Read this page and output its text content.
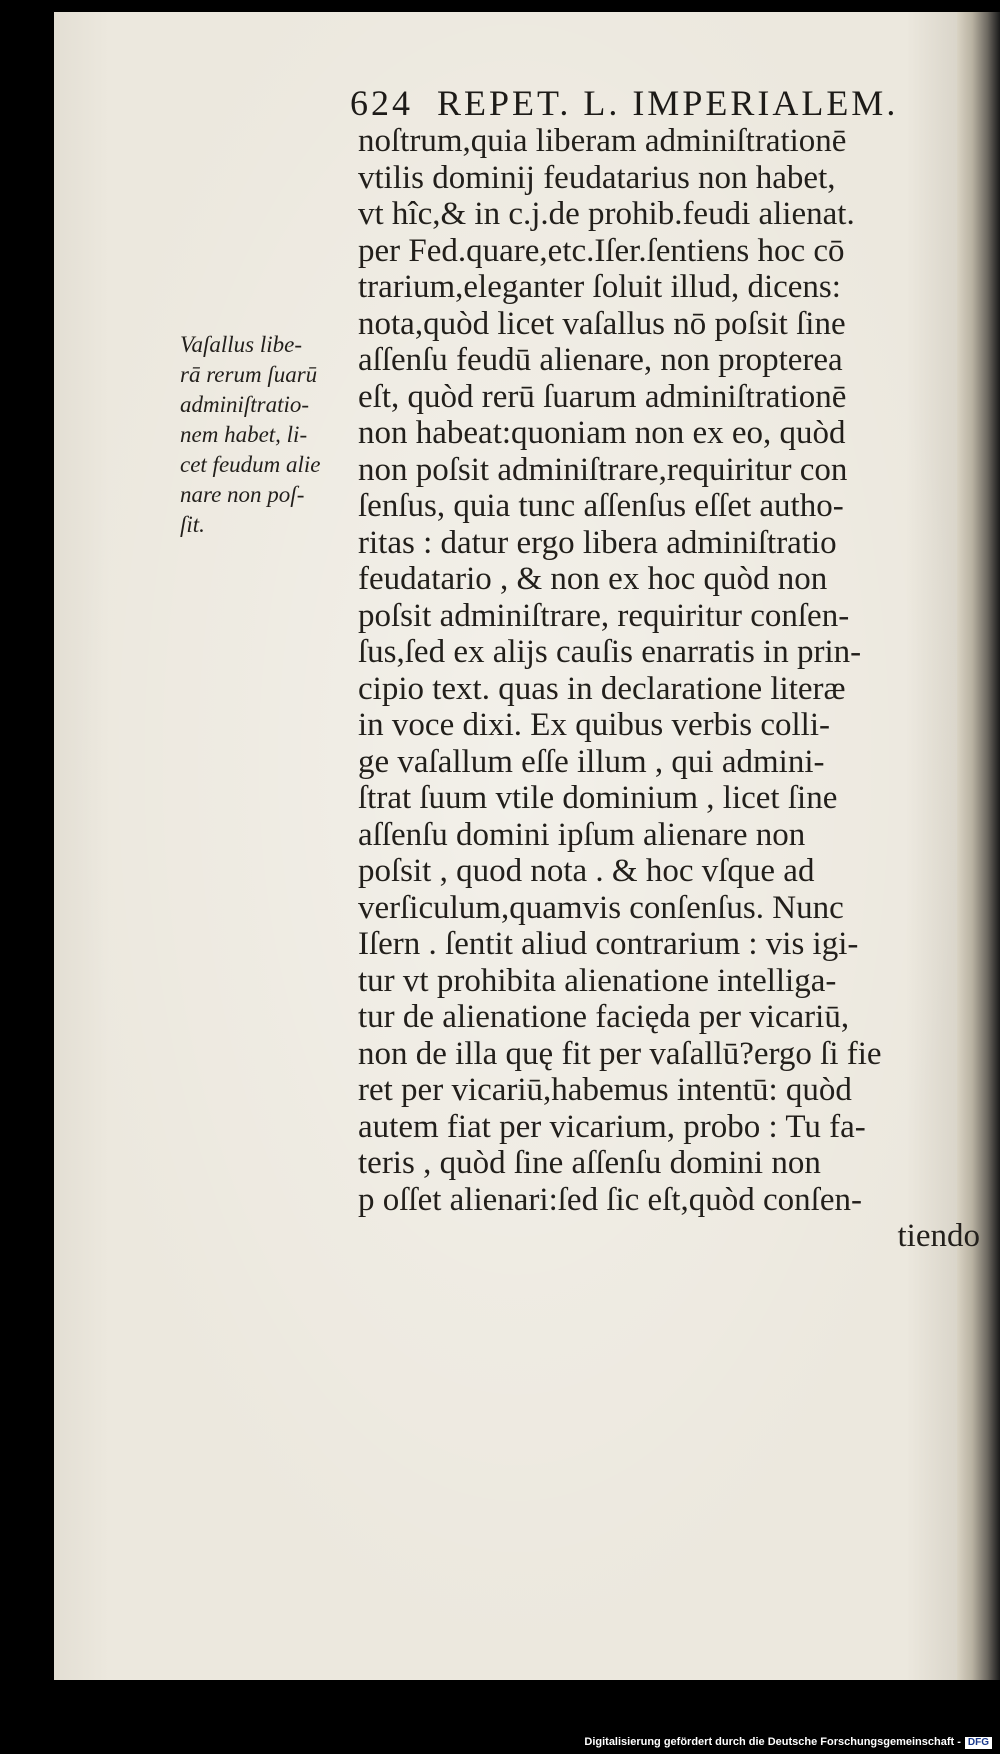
624 REPET. L. IMPERIALEM.
Vaſallus libe-
rā rerum ſuarū
adminiſtratio-
nem habet, li-
cet feudum alie
nare non poſ-
ſit.
noſtrum,quia liberam adminiſtrationē
vtilis dominij feudatarius non habet,
vt hîc,& in c.j.de prohib.feudi alienat.
per Fed.quare,etc.Iſer.ſentiens hoc cō
trarium,eleganter ſoluit illud, dicens:
nota,quòd licet vaſallus nō poſsit ſine
aſſenſu feudū alienare, non propterea
eſt, quòd rerū ſuarum adminiſtrationē
non habeat:quoniam non ex eo, quòd
non poſsit adminiſtrare,requiritur con
ſenſus, quia tunc aſſenſus eſſet autho-
ritas : datur ergo libera adminiſtratio
feudatario , & non ex hoc quòd non
poſsit adminiſtrare, requiritur conſen-
ſus,ſed ex alijs cauſis enarratis in prin-
cipio text. quas in declaratione literæ
in voce dixi. Ex quibus verbis colli-
ge vaſallum eſſe illum , qui admini-
ſtrat ſuum vtile dominium , licet ſine
aſſenſu domini ipſum alienare non
poſsit , quod nota . & hoc vſque ad
verſiculum,quamvis conſenſus. Nunc
Iſern . ſentit aliud contrarium : vis igi-
tur vt prohibita alienatione intelliga-
tur de alienatione facięda per vicariū,
non de illa quę fit per vaſallū?ergo ſi fie
ret per vicariū,habemus intentū: quòd
autem fiat per vicarium, probo : Tu fa-
teris , quòd ſine aſſenſu domini non
p oſſet alienari:ſed ſic eſt,quòd conſen-
tiendo
Digitalisierung gefördert durch die Deutsche Forschungsgemeinschaft - DFG
